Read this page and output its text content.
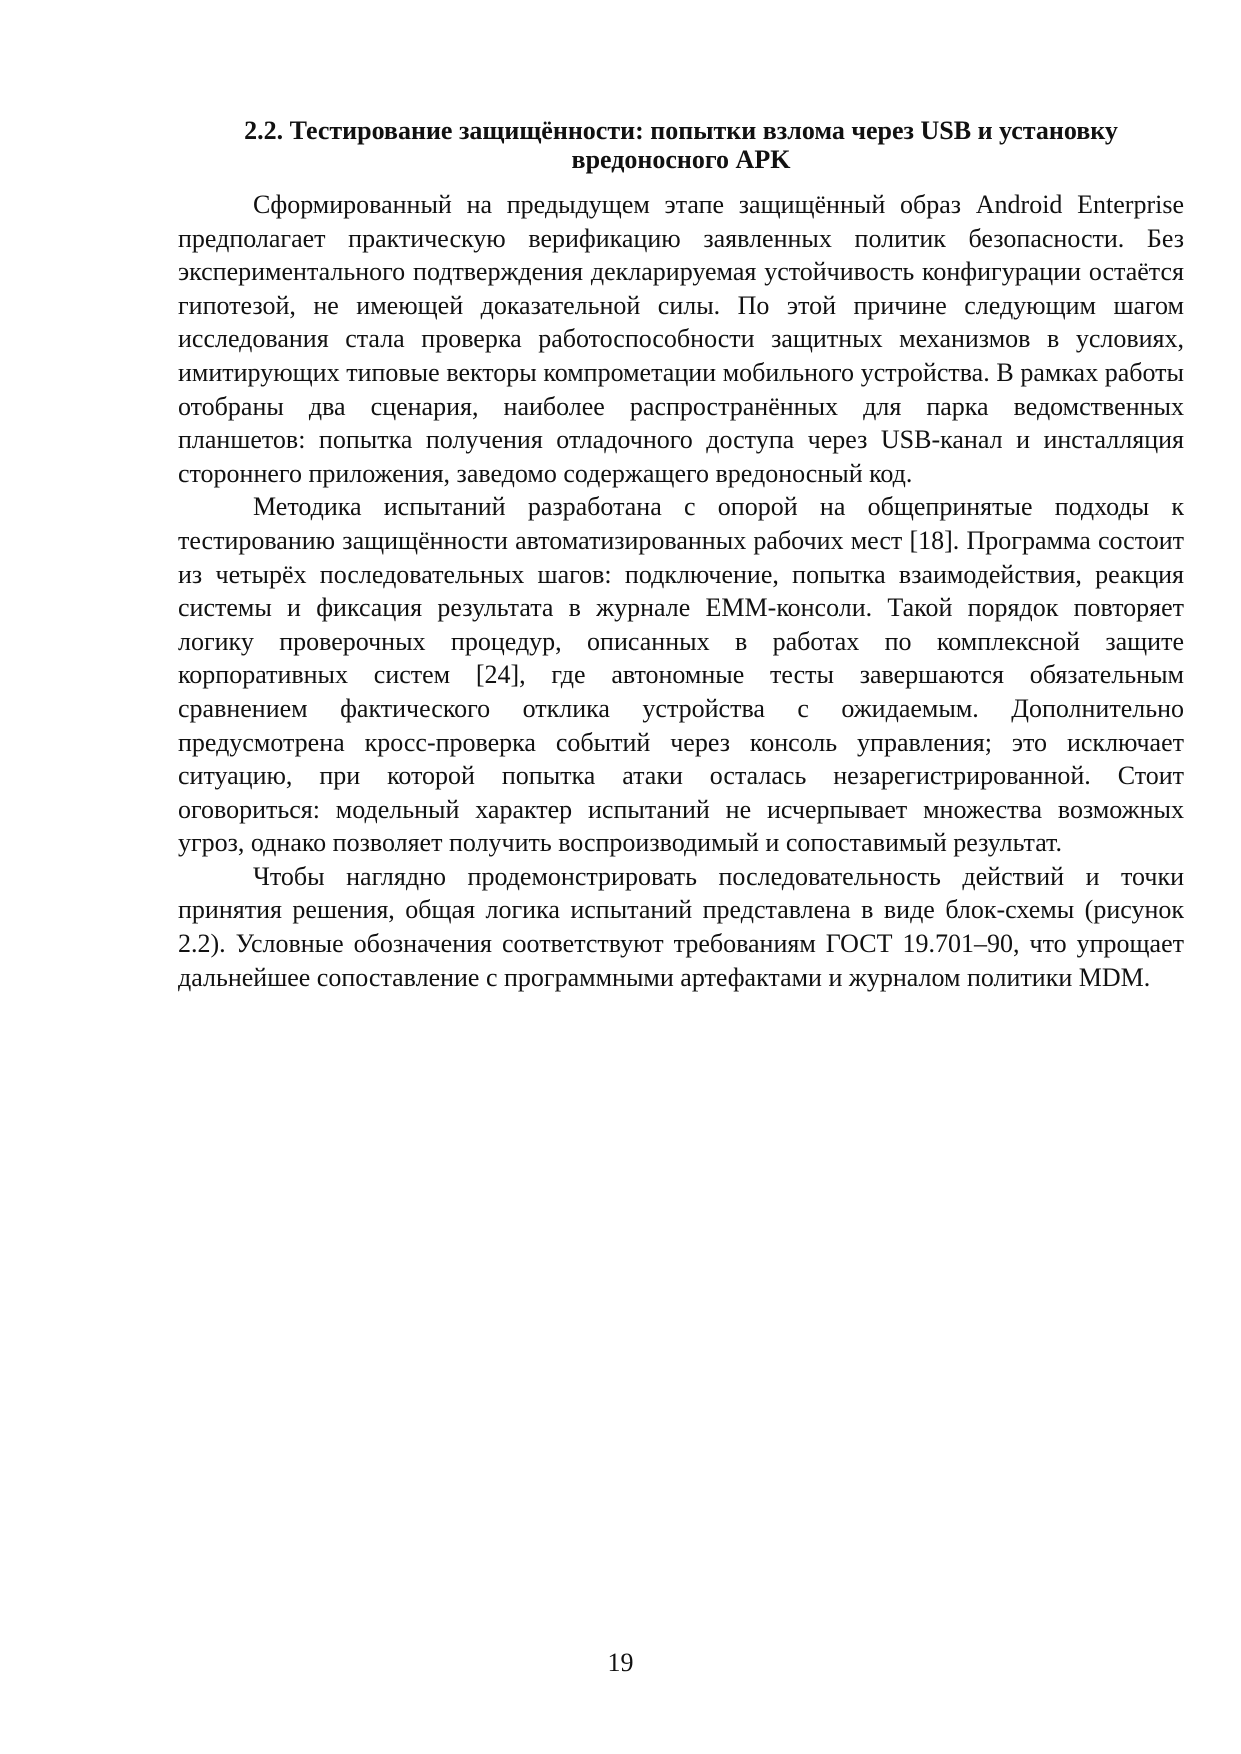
2.2. Тестирование защищённости: попытки взлома через USB и установку
вредоносного APK

Сформированный на предыдущем этапе защищённый образ Android Enterprise предполагает практическую верификацию заявленных политик безопасности. Без экспериментального подтверждения декларируемая устойчивость конфигурации остаётся гипотезой, не имеющей доказательной силы. По этой причине следующим шагом исследования стала проверка работоспособности защитных механизмов в условиях, имитирующих типовые векторы компрометации мобильного устройства. В рамках работы отобраны два сценария, наиболее распространённых для парка ведомственных планшетов: попытка получения отладочного доступа через USB-канал и инсталляция стороннего приложения, заведомо содержащего вредоносный код.

Методика испытаний разработана с опорой на общепринятые подходы к тестированию защищённости автоматизированных рабочих мест [18]. Программа состоит из четырёх последовательных шагов: подключение, попытка взаимодействия, реакция системы и фиксация результата в журнале EMM-консоли. Такой порядок повторяет логику проверочных процедур, описанных в работах по комплексной защите корпоративных систем [24], где автономные тесты завершаются обязательным сравнением фактического отклика устройства с ожидаемым. Дополнительно предусмотрена кросс-проверка событий через консоль управления; это исключает ситуацию, при которой попытка атаки осталась незарегистрированной. Стоит оговориться: модельный характер испытаний не исчерпывает множества возможных угроз, однако позволяет получить воспроизводимый и сопоставимый результат.

Чтобы наглядно продемонстрировать последовательность действий и точки принятия решения, общая логика испытаний представлена в виде блок-схемы (рисунок 2.2). Условные обозначения соответствуют требованиям ГОСТ 19.701–90, что упрощает дальнейшее сопоставление с программными артефактами и журналом политики MDM.

19
